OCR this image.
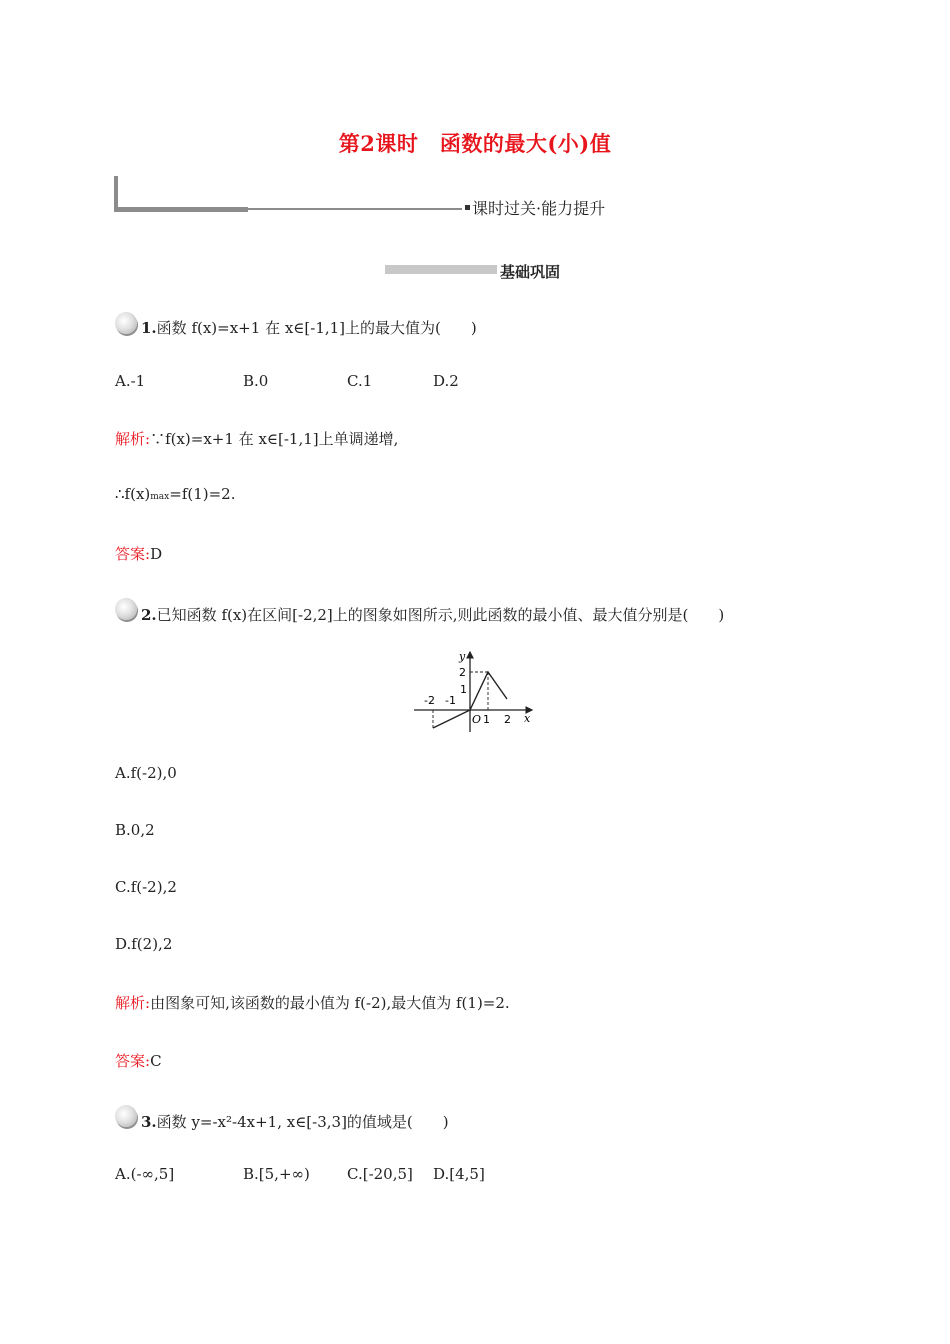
第2课时　函数的最大(小)值
课时过关·能力提升
基础巩固
1.函数 f(x)=x+1 在 x∈[-1,1]上的最大值为(　　)
A.-1	B.0	C.1	D.2
解析:∵f(x)=x+1 在 x∈[-1,1]上单调递增,
∴f(x)max=f(1)=2.
答案:D
2.已知函数 f(x)在区间[-2,2]上的图象如图所示,则此函数的最小值、最大值分别是(　　)
y
x
2
1
-2 -1
O 1 2
A.f(-2),0
B.0,2
C.f(-2),2
D.f(2),2
解析:由图象可知,该函数的最小值为 f(-2),最大值为 f(1)=2.
答案:C
3.函数 y=-x²-4x+1, x∈[-3,3]的值域是(　　)
A.(-∞,5]	B.[5,+∞) C.[-20,5] D.[4,5]
